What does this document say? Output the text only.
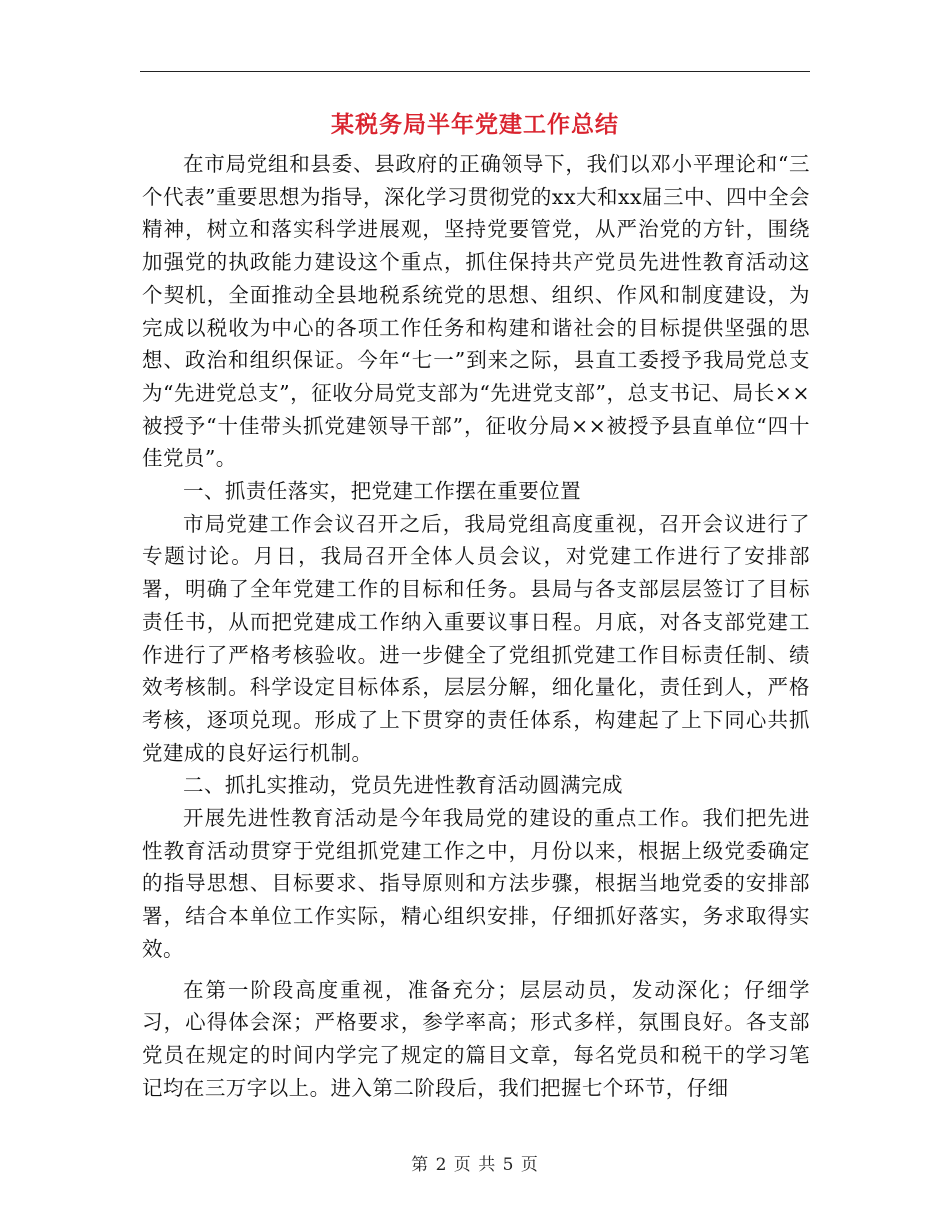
某税务局半年党建工作总结

在市局党组和县委、县政府的正确领导下，我们以邓小平理论和“三个代表”重要思想为指导，深化学习贯彻党的xx大和xx届三中、四中全会精神，树立和落实科学进展观，坚持党要管党，从严治党的方针，围绕加强党的执政能力建设这个重点，抓住保持共产党员先进性教育活动这个契机，全面推动全县地税系统党的思想、组织、作风和制度建设，为完成以税收为中心的各项工作任务和构建和谐社会的目标提供坚强的思想、政治和组织保证。今年“七一”到来之际，县直工委授予我局党总支为“先进党总支”，征收分局党支部为“先进党支部”，总支书记、局长××被授予“十佳带头抓党建领导干部”，征收分局××被授予县直单位“四十佳党员”。

一、抓责任落实，把党建工作摆在重要位置

市局党建工作会议召开之后，我局党组高度重视，召开会议进行了专题讨论。月日，我局召开全体人员会议，对党建工作进行了安排部署，明确了全年党建工作的目标和任务。县局与各支部层层签订了目标责任书，从而把党建成工作纳入重要议事日程。月底，对各支部党建工作进行了严格考核验收。进一步健全了党组抓党建工作目标责任制、绩效考核制。科学设定目标体系，层层分解，细化量化，责任到人，严格考核，逐项兑现。形成了上下贯穿的责任体系，构建起了上下同心共抓党建成的良好运行机制。

二、抓扎实推动，党员先进性教育活动圆满完成

开展先进性教育活动是今年我局党的建设的重点工作。我们把先进性教育活动贯穿于党组抓党建工作之中，月份以来，根据上级党委确定的指导思想、目标要求、指导原则和方法步骤，根据当地党委的安排部署，结合本单位工作实际，精心组织安排，仔细抓好落实，务求取得实效。

在第一阶段高度重视，准备充分；层层动员，发动深化；仔细学习，心得体会深；严格要求，参学率高；形式多样，氛围良好。各支部党员在规定的时间内学完了规定的篇目文章，每名党员和税干的学习笔记均在三万字以上。进入第二阶段后，我们把握七个环节，仔细

第 2 页 共 5 页
